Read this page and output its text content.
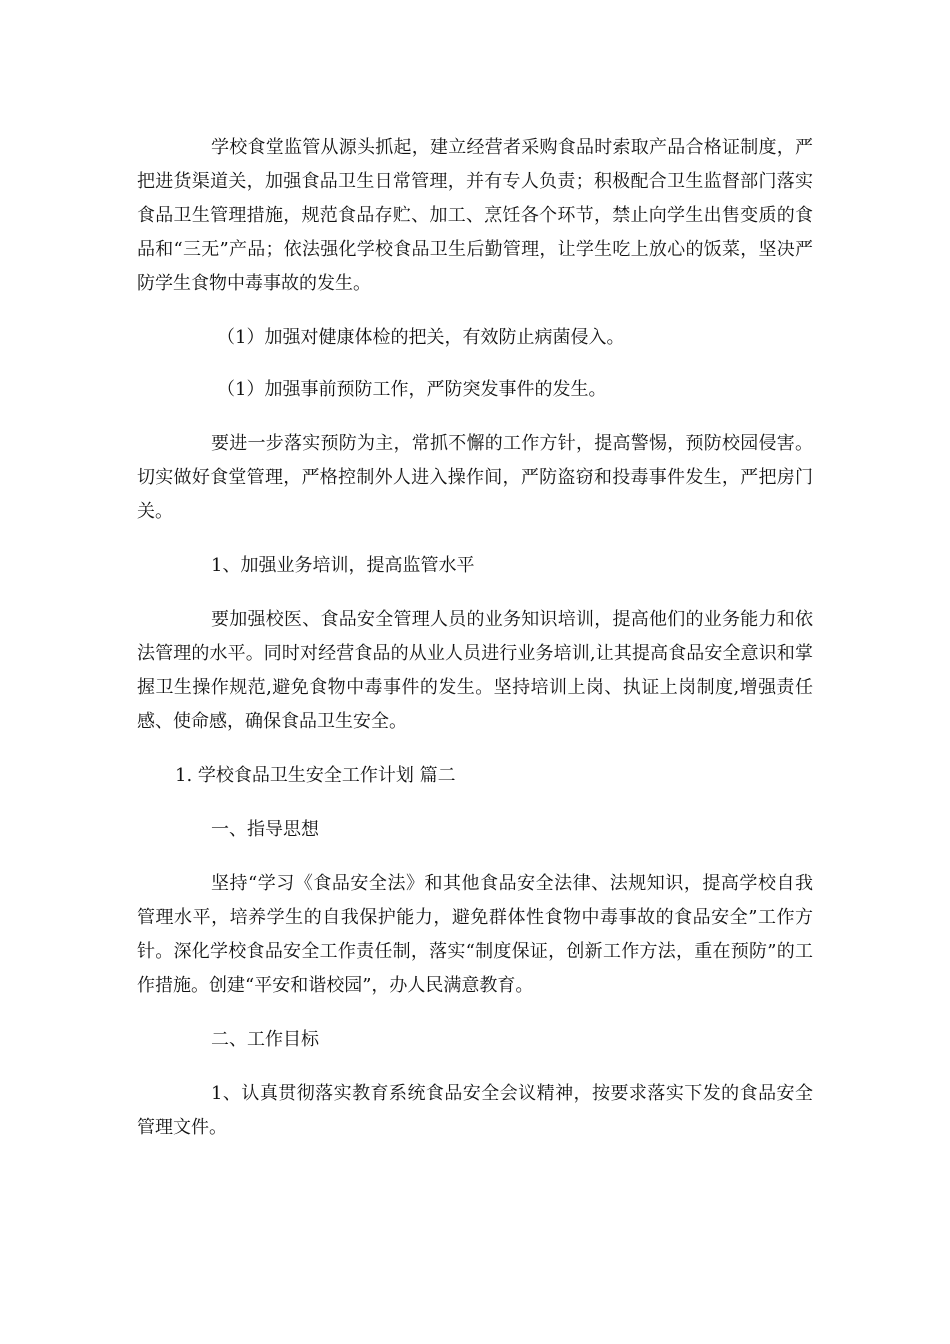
学校食堂监管从源头抓起，建立经营者采购食品时索取产品合格证制度，严把进货渠道关，加强食品卫生日常管理，并有专人负责；积极配合卫生监督部门落实食品卫生管理措施，规范食品存贮、加工、烹饪各个环节，禁止向学生出售变质的食品和“三无”产品；依法强化学校食品卫生后勤管理，让学生吃上放心的饭菜，坚决严防学生食物中毒事故的发生。

（1）加强对健康体检的把关，有效防止病菌侵入。

（1）加强事前预防工作，严防突发事件的发生。

要进一步落实预防为主，常抓不懈的工作方针，提高警惕，预防校园侵害。切实做好食堂管理，严格控制外人进入操作间，严防盗窃和投毒事件发生，严把房门关。

1、加强业务培训，提高监管水平

要加强校医、食品安全管理人员的业务知识培训，提高他们的业务能力和依法管理的水平。同时对经营食品的从业人员进行业务培训,让其提高食品安全意识和掌握卫生操作规范,避免食物中毒事件的发生。坚持培训上岗、执证上岗制度,增强责任感、使命感，确保食品卫生安全。

1. 学校食品卫生安全工作计划 篇二

一、指导思想

坚持“学习《食品安全法》和其他食品安全法律、法规知识，提高学校自我管理水平，培养学生的自我保护能力，避免群体性食物中毒事故的食品安全”工作方针。深化学校食品安全工作责任制，落实“制度保证，创新工作方法，重在预防”的工作措施。创建“平安和谐校园”，办人民满意教育。

二、工作目标

1、认真贯彻落实教育系统食品安全会议精神，按要求落实下发的食品安全管理文件。
